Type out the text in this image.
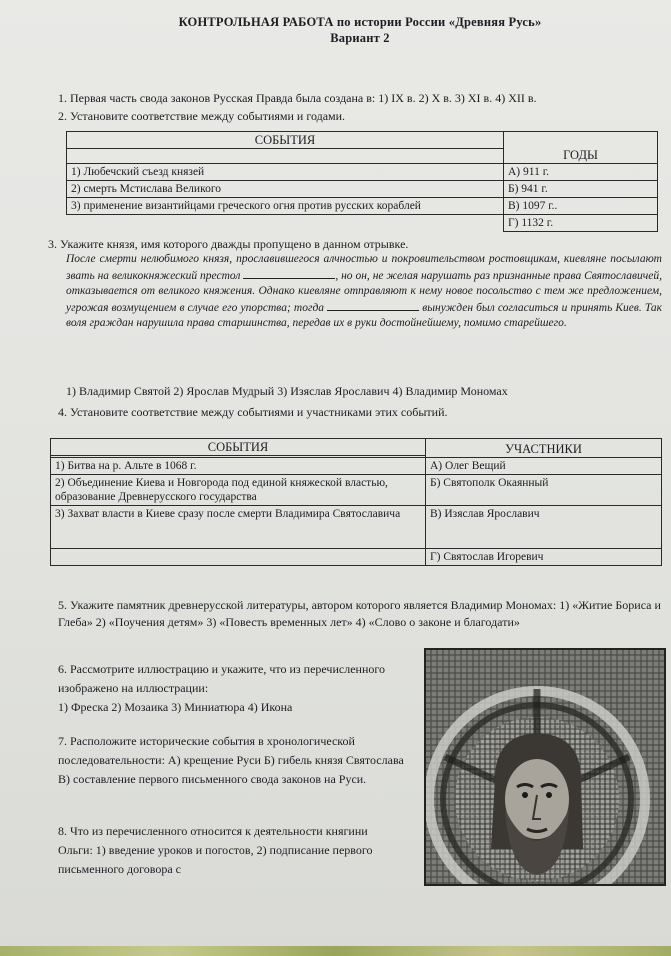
КОНТРОЛЬНАЯ РАБОТА по истории России «Древняя Русь»
Вариант 2
1. Первая часть свода законов Русская Правда была создана в: 1) IX в. 2) X в. 3) XI в. 4) XII в.
2. Установите соответствие между событиями и годами.
СОБЫТИЯ	ГОДЫ

1) Любечский съезд князей	А) 911 г.
2) смерть Мстислава Великого	Б) 941 г.
3) применение византийцами греческого огня против русских кораблей	В) 1097 г..
	Г) 1132 г.
3. Укажите князя, имя которого дважды пропущено в данном отрывке.
После смерти нелюбимого князя, прославившегося алчностью и покровительством ростовщикам, киевляне посылают звать на великокняжеский престол	, но он, не желая нарушать раз признанные права Святославичей, отказывается от великого княжения. Однако киевляне отправляют к нему новое посольство с тем же предложением, угрожая возмущением в случае его упорства; тогда	вынужден был согласиться и принять Киев. Так воля граждан нарушила права старшинства, передав их в руки достойнейшему, помимо старейшего.
1) Владимир Святой 2) Ярослав Мудрый 3) Изяслав Ярославич 4) Владимир Мономах
4. Установите соответствие между событиями и участниками этих событий.
СОБЫТИЯ	УЧАСТНИКИ

1) Битва на р. Альте в 1068 г.	А) Олег Вещий
2) Объединение Киева и Новгорода под единой княжеской властью, образование Древнерусского государства	Б) Святополк Окаянный
3) Захват власти в Киеве сразу после смерти Владимира Святославича	В) Изяслав Ярославич
	Г) Святослав Игоревич
5. Укажите памятник древнерусской литературы, автором которого является Владимир Мономах: 1) «Житие Бориса и Глеба» 2) «Поучения детям» 3) «Повесть временных лет» 4) «Слово о законе и благодати»
6. Рассмотрите иллюстрацию и укажите, что из перечисленного изображено на иллюстрации:
1) Фреска 2) Мозаика 3) Миниатюра 4) Икона
7. Расположите исторические события в хронологической последовательности: А) крещение Руси Б) гибель князя Святослава В) составление первого письменного свода законов на Руси.
8. Что из перечисленного относится к деятельности княгини Ольги: 1) введение уроков и погостов, 2) подписание первого письменного договора с
